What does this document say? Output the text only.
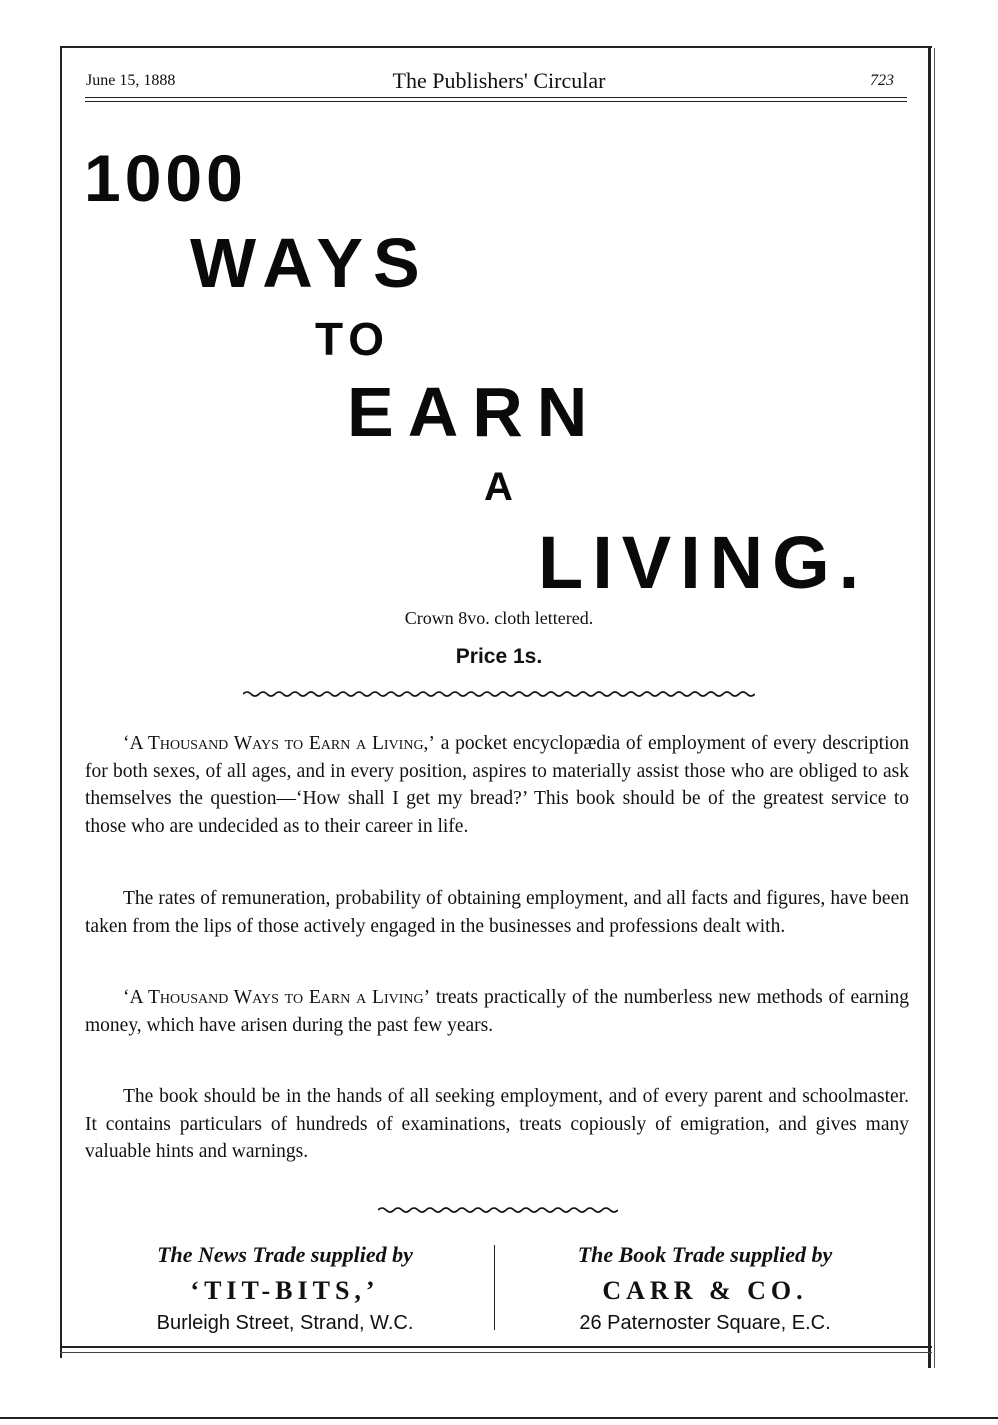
June 15, 1888	The Publishers' Circular	723
1000
WAYS
TO
EARN
A
LIVING.
Crown 8vo. cloth lettered.
Price 1s.

‘A Thousand Ways to Earn a Living,’ a pocket encyclopædia of employment of every description for both sexes, of all ages, and in every position, aspires to materially assist those who are obliged to ask themselves the question—‘How shall I get my bread?’ This book should be of the greatest service to those who are undecided as to their career in life.

The rates of remuneration, probability of obtaining employment, and all facts and figures, have been taken from the lips of those actively engaged in the businesses and professions dealt with.

‘A Thousand Ways to Earn a Living’ treats practically of the numberless new methods of earning money, which have arisen during the past few years.

The book should be in the hands of all seeking employment, and of every parent and schoolmaster. It contains particulars of hundreds of examinations, treats copiously of emigration, and gives many valuable hints and warnings.

The News Trade supplied by
‘TIT-BITS,’
Burleigh Street, Strand, W.C.
The Book Trade supplied by
CARR & CO.
26 Paternoster Square, E.C.
